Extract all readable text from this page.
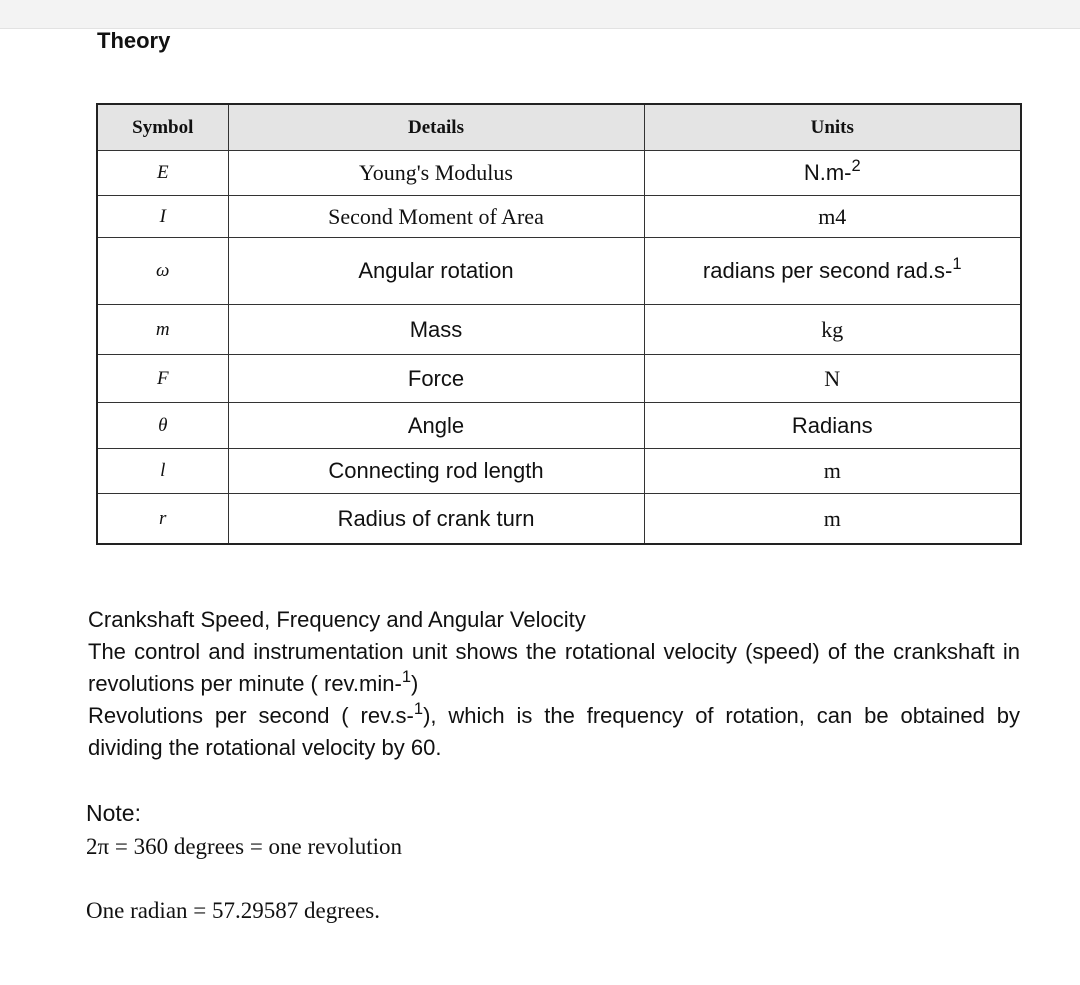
Theory
Symbol	Details	Units
E	Young's Modulus	N.m-$^2$
I	Second Moment of Area	m4
ω	Angular rotation	radians per second rad.s-$^1$
m	Mass	kg
F	Force	N
θ	Angle	Radians
l	Connecting rod length	m
r	Radius of crank turn	m
Crankshaft Speed, Frequency and Angular Velocity
The control and instrumentation unit shows the rotational velocity (speed) of the crankshaft in revolutions per minute ( rev.min-$^1$)
Revolutions per second ( rev.s-$^1$), which is the frequency of rotation, can be obtained by dividing the rotational velocity by 60.
Note:
2π = 360 degrees = one revolution
One radian = 57.29587 degrees.
